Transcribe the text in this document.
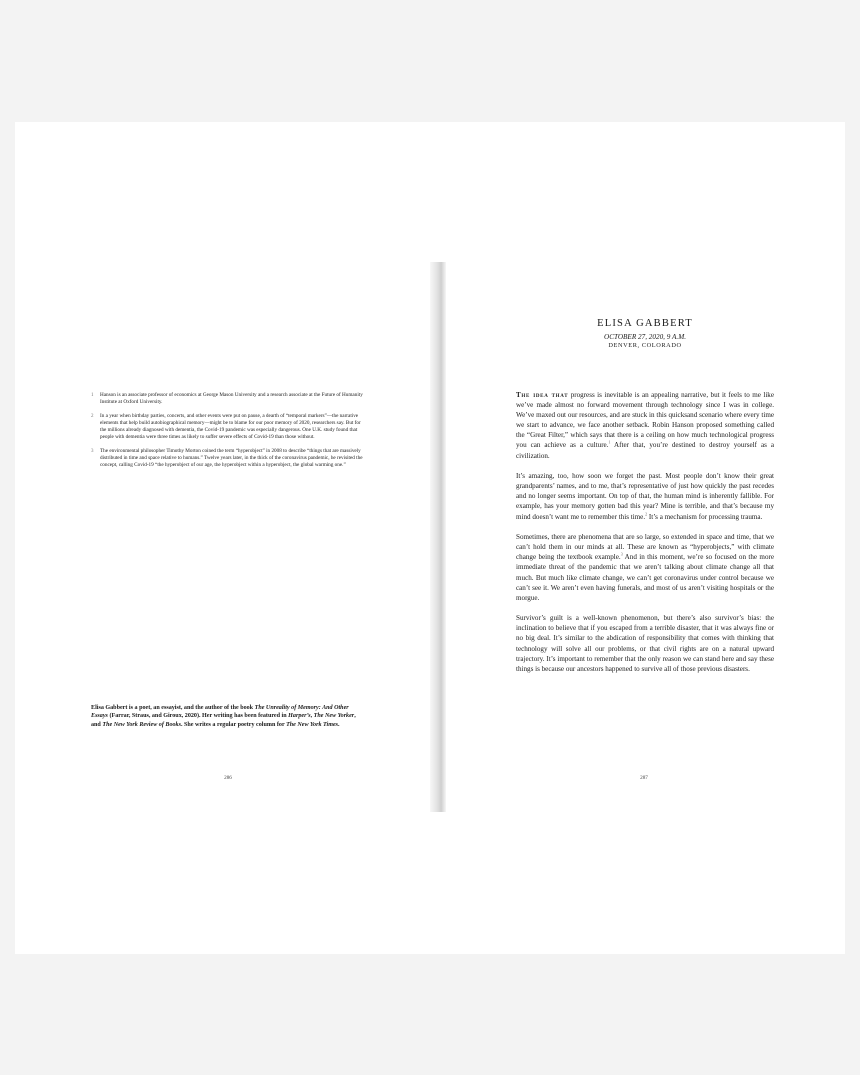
1 Hanson is an associate professor of economics at George Mason University and a research associate at the Future of Humanity Institute at Oxford University.
2 In a year when birthday parties, concerts, and other events were put on pause, a dearth of “temporal markers”—the narrative elements that help build autobiographical memory—might be to blame for our poor memory of 2020, researchers say. But for the millions already diagnosed with dementia, the Covid-19 pandemic was especially dangerous. One U.K. study found that people with dementia were three times as likely to suffer severe effects of Covid-19 than those without.
3 The environmental philosopher Timothy Morton coined the term “hyperobject” in 2008 to describe “things that are massively distributed in time and space relative to humans.” Twelve years later, in the thick of the coronavirus pandemic, he revisited the concept, calling Covid-19 “the hyperobject of our age, the hyperobject within a hyperobject, the global warming one.”
Elisa Gabbert is a poet, an essayist, and the author of the book The Unreality of Memory: And Other Essays (Farrar, Straus, and Giroux, 2020). Her writing has been featured in Harper’s, The New Yorker, and The New York Review of Books. She writes a regular poetry column for The New York Times.
286
ELISA GABBERT
OCTOBER 27, 2020, 9 A.M.
DENVER, COLORADO

The idea that progress is inevitable is an appealing narrative, but it feels to me like we’ve made almost no forward movement through technology since I was in college. We’ve maxed out our resources, and are stuck in this quicksand scenario where every time we start to advance, we face another setback. Robin Hanson proposed something called the “Great Filter,” which says that there is a ceiling on how much technological progress you can achieve as a culture.$^1$ After that, you’re destined to destroy yourself as a civilization.

It’s amazing, too, how soon we forget the past. Most people don’t know their great grandparents’ names, and to me, that’s representative of just how quickly the past recedes and no longer seems important. On top of that, the human mind is inherently fallible. For example, has your memory gotten bad this year? Mine is terrible, and that’s because my mind doesn’t want me to remember this time.$^2$ It’s a mechanism for processing trauma.

Sometimes, there are phenomena that are so large, so extended in space and time, that we can’t hold them in our minds at all. These are known as “hyperobjects,” with climate change being the textbook example.$^3$ And in this moment, we’re so focused on the more immediate threat of the pandemic that we aren’t talking about climate change all that much. But much like climate change, we can’t get coronavirus under control because we can’t see it. We aren’t even having funerals, and most of us aren’t visiting hospitals or the morgue.

Survivor’s guilt is a well-known phenomenon, but there’s also survivor’s bias: the inclination to believe that if you escaped from a terrible disaster, that it was always fine or no big deal. It’s similar to the abdication of responsibility that comes with thinking that technology will solve all our problems, or that civil rights are on a natural upward trajectory. It’s important to remember that the only reason we can stand here and say these things is because our ancestors happened to survive all of those previous disasters.

287
